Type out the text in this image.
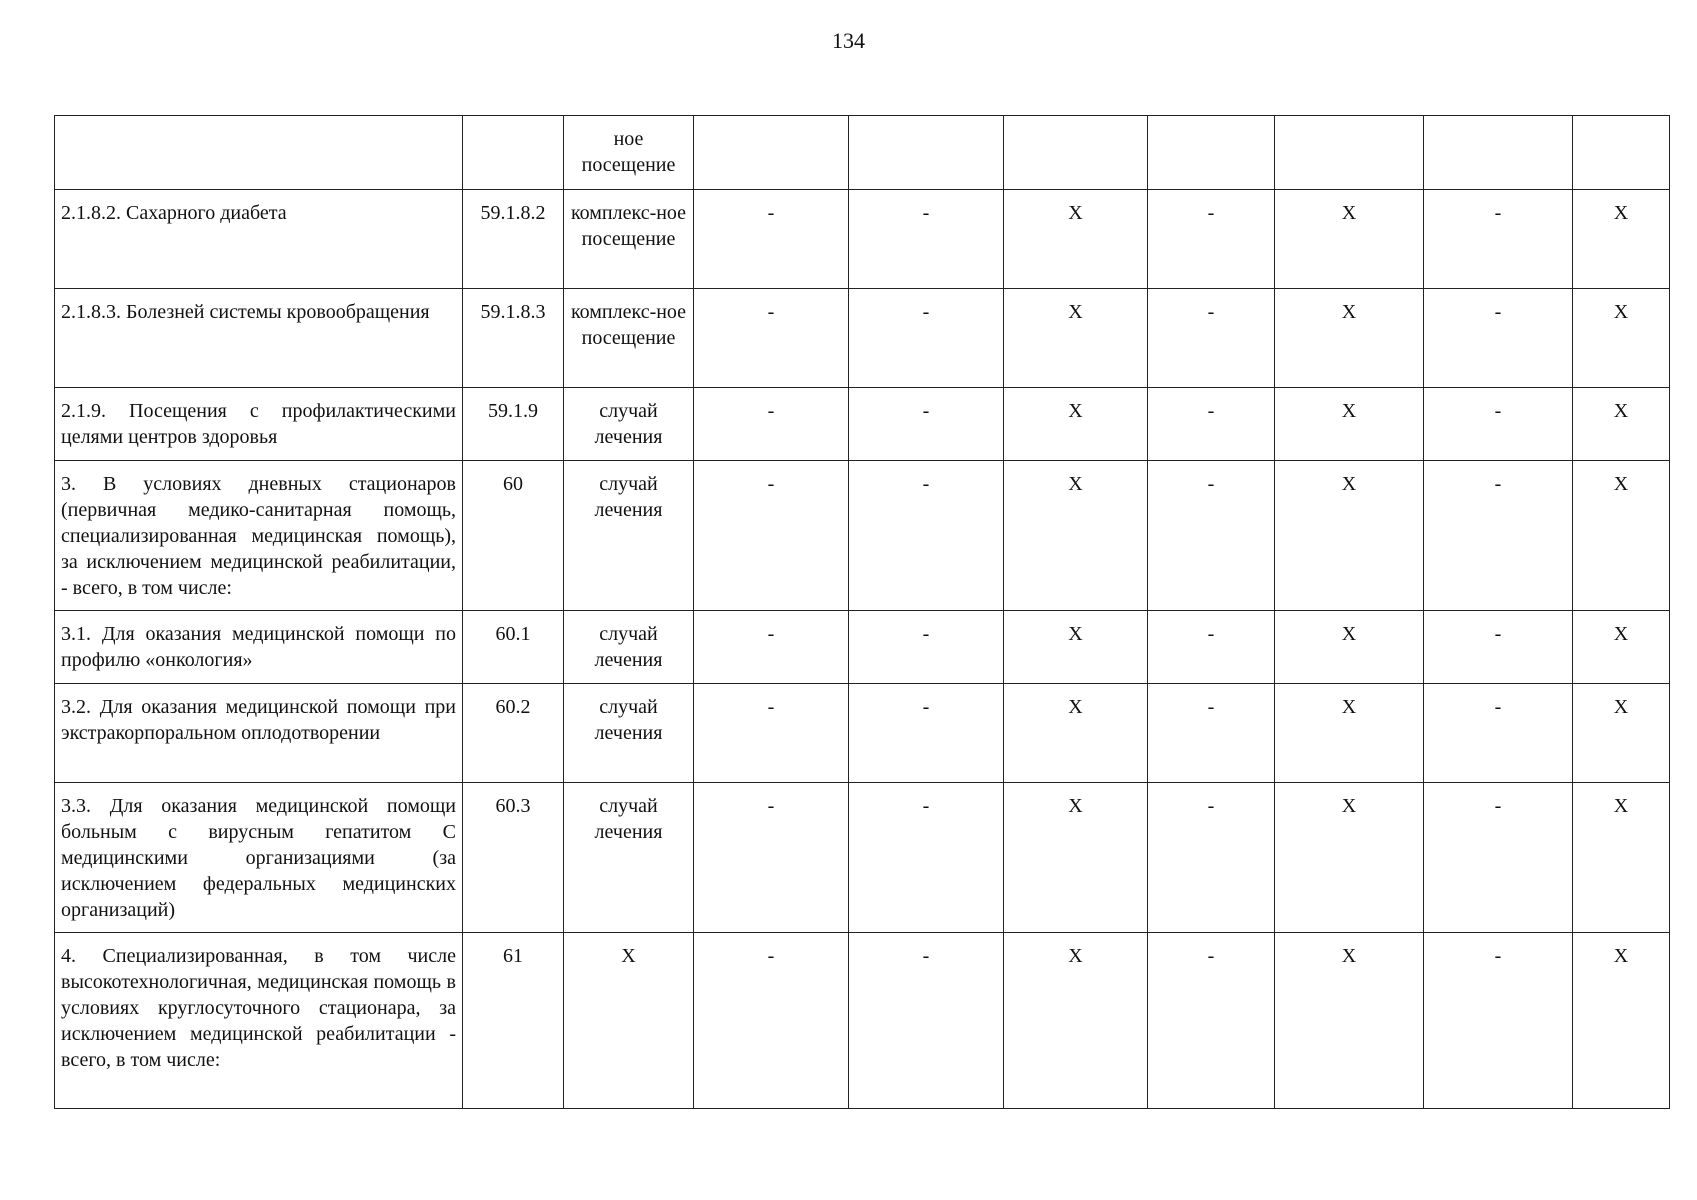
134
		ное посещение							
2.1.8.2. Сахарного диабета	59.1.8.2	комплекс-ное посещение	-	-	X	-	X	-	X
2.1.8.3. Болезней системы кровообращения	59.1.8.3	комплекс-ное посещение	-	-	X	-	X	-	X
2.1.9. Посещения с профилактическими целями центров здоровья	59.1.9	случай лечения	-	-	X	-	X	-	X
3. В условиях дневных стационаров (первичная медико-санитарная помощь, специализированная медицинская помощь), за исключением медицинской реабилитации, - всего, в том числе:	60	случай лечения	-	-	X	-	X	-	X
3.1. Для оказания медицинской помощи по профилю «онкология»	60.1	случай лечения	-	-	X	-	X	-	X
3.2. Для оказания медицинской помощи при экстракорпоральном оплодотворении	60.2	случай лечения	-	-	X	-	X	-	X
3.3. Для оказания медицинской помощи больным с вирусным гепатитом С медицинскими организациями (за исключением федеральных медицинских организаций)	60.3	случай лечения	-	-	X	-	X	-	X
4. Специализированная, в том числе высокотехнологичная, медицинская помощь в условиях круглосуточного стационара, за исключением медицинской реабилитации - всего, в том числе:	61	X	-	-	X	-	X	-	X
